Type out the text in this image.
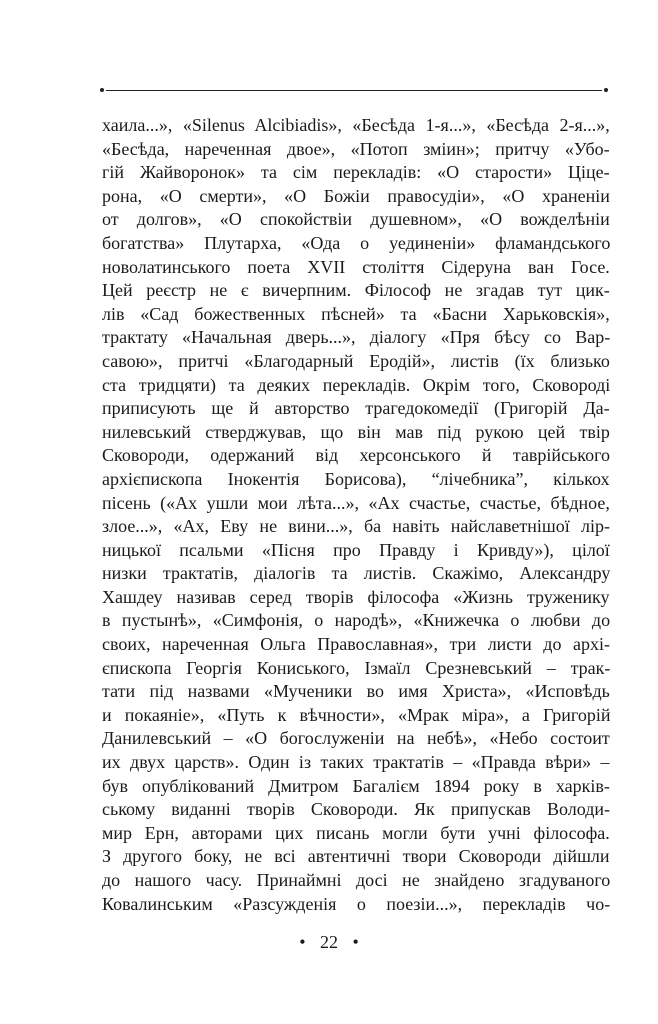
хаила...», «Silenus Alcibiadis», «Бесѣда 1-я...», «Бесѣда 2-я...»,
«Бесѣда, нареченная двое», «Потоп зміин»; притчу «Убо-
гій Жайворонок» та сім перекладів: «О старости» Ціце-
рона, «О смерти», «О Божіи правосудіи», «О храненіи
от долгов», «О спокойствіи душевном», «О вожделѣніи
богатства» Плутарха, «Ода о уединеніи» фламандського
новолатинського поета XVII століття Сідеруна ван Госе.
Цей реєстр не є вичерпним. Філософ не згадав тут цик-
лів «Сад божественных пѣсней» та «Басни Харьковскія»,
трактату «Начальная дверь...», діалогу «Пря бѣсу со Вар-
савою», притчі «Благодарный Еродій», листів (їх близько
ста тридцяти) та деяких перекладів. Окрім того, Сковороді
приписують ще й авторство трагедокомедії (Григорій Да-
нилевський стверджував, що він мав під рукою цей твір
Сковороди, одержаний від херсонського й таврійського
архієпископа Інокентія Борисова), “лічебника”, кількох
пісень («Ах ушли мои лѣта...», «Ах счастье, счастье, бѣдное,
злое...», «Ах, Еву не вини...», ба навіть найславетнішої лір-
ницької псальми «Пісня про Правду і Кривду»), цілої
низки трактатів, діалогів та листів. Скажімо, Александру
Хашдеу називав серед творів філософа «Жизнь труженику
в пустынѣ», «Симфонія, о народѣ», «Книжечка о любви до
своих, нареченная Ольга Православная», три листи до архі-
єпископа Георгія Кониського, Ізмаїл Срезневський – трак-
тати під назвами «Мученики во имя Христа», «Исповѣдь
и покаяніе», «Путь к вѣчности», «Мрак міра», а Григорій
Данилевський – «О богослуженіи на небѣ», «Небо состоит
их двух царств». Один із таких трактатів – «Правда вѣри» –
був опублікований Дмитром Багалієм 1894 року в харків-
ському виданні творів Сковороди. Як припускав Володи-
мир Ерн, авторами цих писань могли бути учні філософа.
З другого боку, не всі автентичні твори Сковороди дійшли
до нашого часу. Принаймні досі не знайдено згадуваного
Ковалинським «Разсужденія о поезіи...», перекладів чо-
• 22 •
